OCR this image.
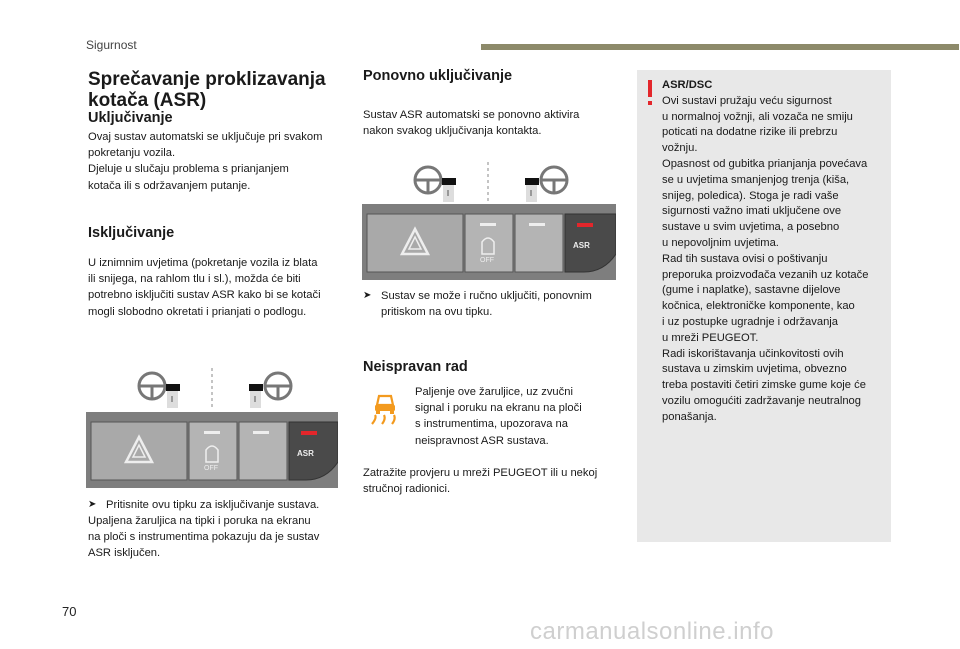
Sigurnost
Sprečavanje proklizavanja
kotača (ASR)
Uključivanje

Ovaj sustav automatski se uključuje pri svakom

pokretanju vozila.

Djeluje u slučaju problema s prianjanjem

kotača ili s održavanjem putanje.

Isključivanje

U iznimnim uvjetima (pokretanje vozila iz blata

ili snijega, na rahlom tlu i sl.), možda će biti

potrebno isključiti sustav ASR kako bi se kotači

mogli slobodno okretati i prianjati o podlogu.

OFF
ASR
➤ Pritisnite ovu tipku za isključivanje sustava.

Upaljena žaruljica na tipki i poruka na ekranu

na ploči s instrumentima pokazuju da je sustav

ASR isključen.

Ponovno uključivanje

Sustav ASR automatski se ponovno aktivira

nakon svakog uključivanja kontakta.

OFF
ASR
➤ Sustav se može i ručno uključiti, ponovnim
pritiskom na ovu tipku.
Neispravan rad

Paljenje ove žaruljice, uz zvučni

signal i poruku na ekranu na ploči

s instrumentima, upozorava na

neispravnost ASR sustava.

Zatražite provjeru u mreži PEUGEOT ili u nekoj

stručnoj radionici.

ASR/DSC
Ovi sustavi pružaju veću sigurnost
u normalnoj vožnji, ali vozača ne smiju
poticati na dodatne rizike ili prebrzu
vožnju.
Opasnost od gubitka prianjanja povećava
se u uvjetima smanjenjog trenja (kiša,
snijeg, poledica). Stoga je radi vaše
sigurnosti važno imati uključene ove
sustave u svim uvjetima, a posebno
u nepovoljnim uvjetima.
Rad tih sustava ovisi o poštivanju
preporuka proizvođača vezanih uz kotače
(gume i naplatke), sastavne dijelove
kočnica, elektroničke komponente, kao
i uz postupke ugradnje i održavanja
u mreži PEUGEOT.
Radi iskorištavanja učinkovitosti ovih
sustava u zimskim uvjetima, obvezno
treba postaviti četiri zimske gume koje će
vozilu omogućiti zadržavanje neutralnog
ponašanja.
70
carmanualsonline.info
